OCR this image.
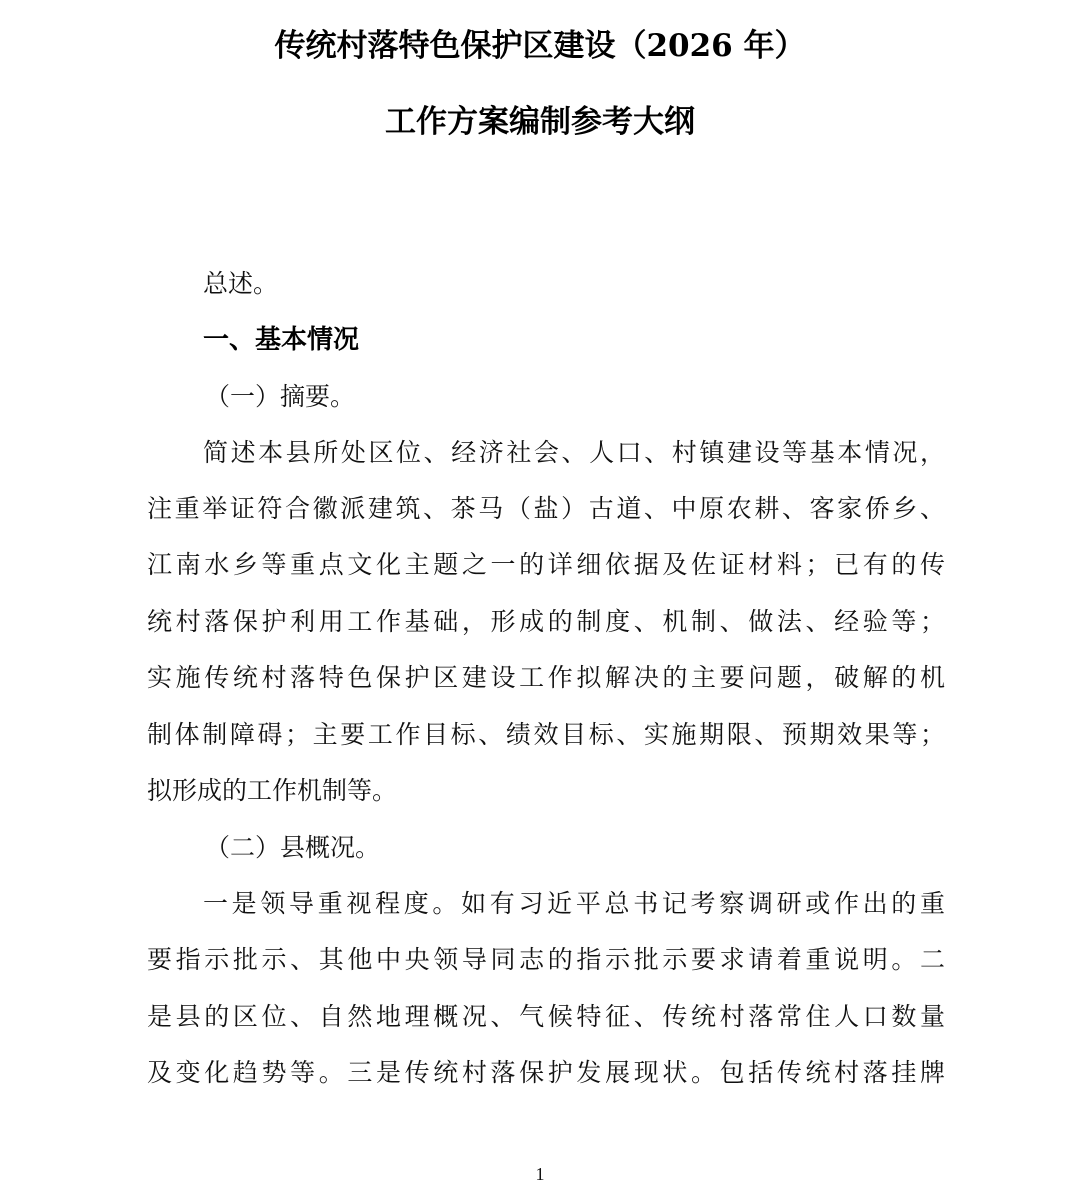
传统村落特色保护区建设（2026 年）
工作方案编制参考大纲
总述。
一、基本情况
（一）摘要。
简述本县所处区位、经济社会、人口、村镇建设等基本情况，
注重举证符合徽派建筑、茶马（盐）古道、中原农耕、客家侨乡、
江南水乡等重点文化主题之一的详细依据及佐证材料；已有的传
统村落保护利用工作基础，形成的制度、机制、做法、经验等；
实施传统村落特色保护区建设工作拟解决的主要问题，破解的机
制体制障碍；主要工作目标、绩效目标、实施期限、预期效果等；
拟形成的工作机制等。
（二）县概况。
一是领导重视程度。如有习近平总书记考察调研或作出的重
要指示批示、其他中央领导同志的指示批示要求请着重说明。二
是县的区位、自然地理概况、气候特征、传统村落常住人口数量
及变化趋势等。三是传统村落保护发展现状。包括传统村落挂牌
1
